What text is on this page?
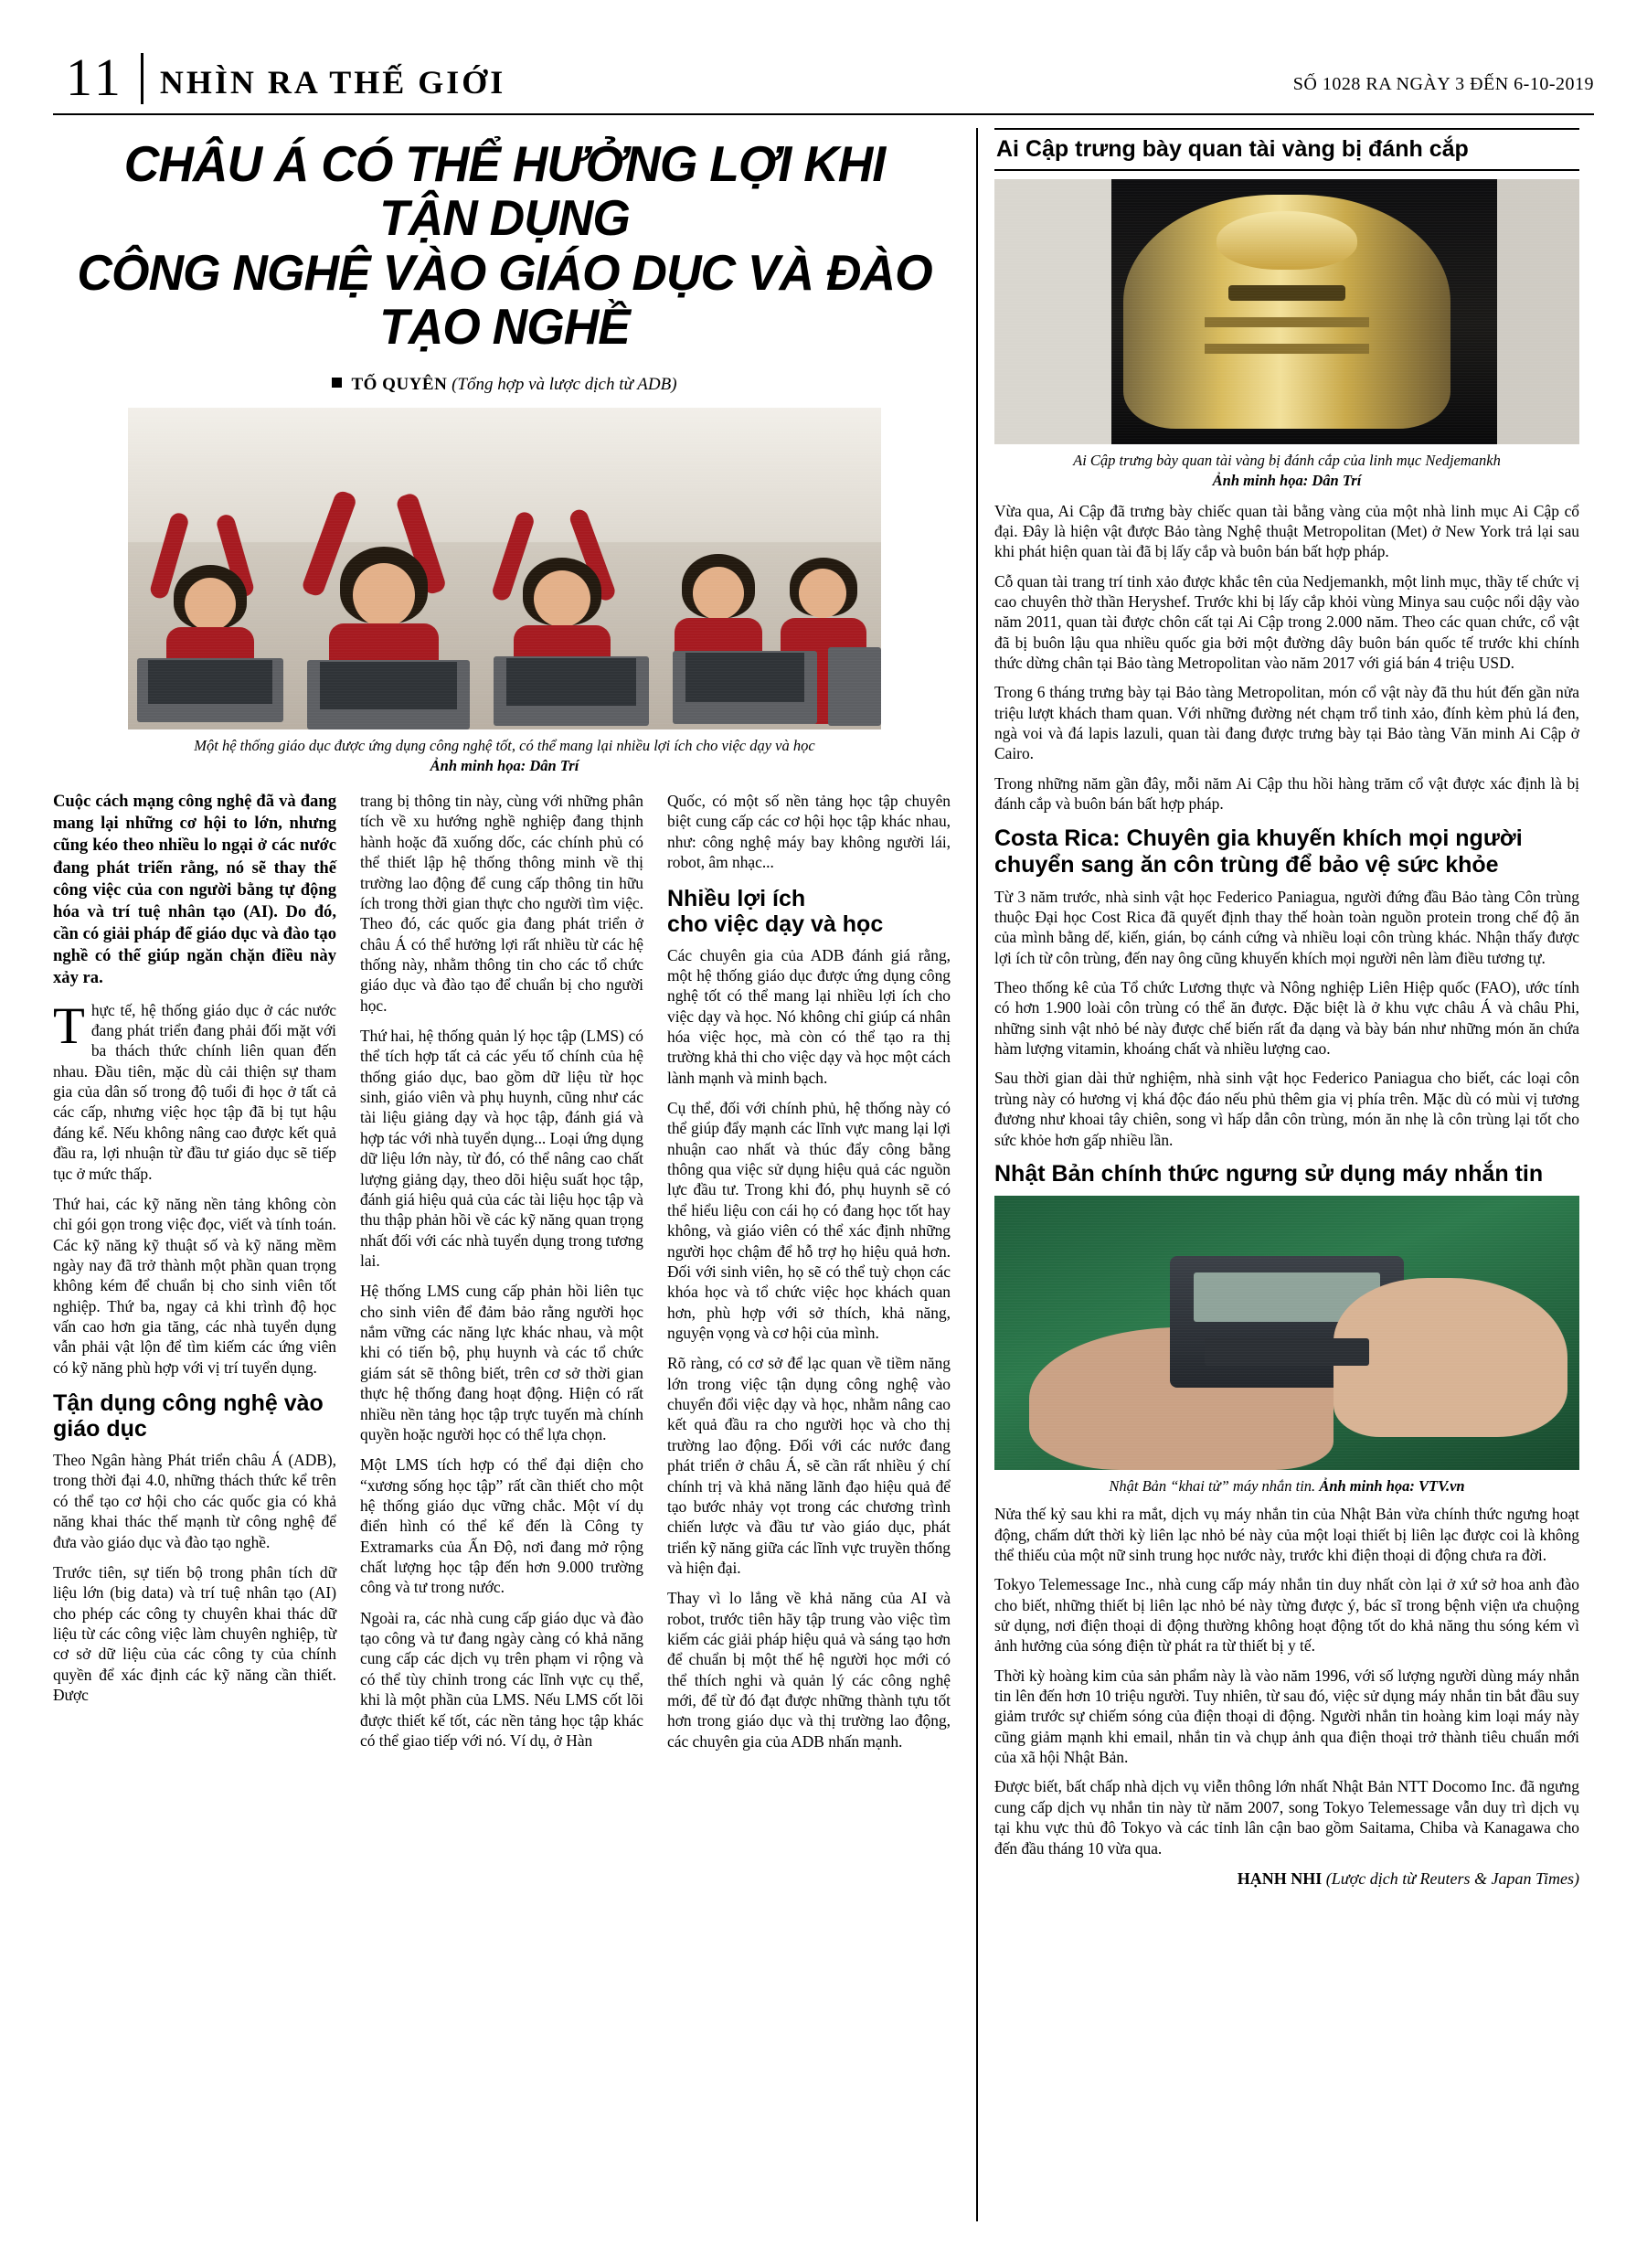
11	NHÌN RA THẾ GIỚI	SỐ 1028 RA NGÀY 3 ĐẾN 6-10-2019
CHÂU Á CÓ THỂ HƯỞNG LỢI KHI TẬN DỤNG
CÔNG NGHỆ VÀO GIÁO DỤC VÀ ĐÀO TẠO NGHỀ
TỐ QUYÊN (Tổng hợp và lược dịch từ ADB)
Một hệ thống giáo dục được ứng dụng công nghệ tốt, có thể mang lại nhiều lợi ích cho việc dạy và học
Ảnh minh họa: Dân Trí

Cuộc cách mạng công nghệ đã và đang mang lại những cơ hội to lớn, nhưng cũng kéo theo nhiều lo ngại ở các nước đang phát triển rằng, nó sẽ thay thế công việc của con người bằng tự động hóa và trí tuệ nhân tạo (AI). Do đó, cần có giải pháp để giáo dục và đào tạo nghề có thể giúp ngăn chặn điều này xảy ra.

Thực tế, hệ thống giáo dục ở các nước đang phát triển đang phải đối mặt với ba thách thức chính liên quan đến nhau. Đầu tiên, mặc dù cải thiện sự tham gia của dân số trong độ tuổi đi học ở tất cả các cấp, nhưng việc học tập đã bị tụt hậu đáng kể. Nếu không nâng cao được kết quả đầu ra, lợi nhuận từ đầu tư giáo dục sẽ tiếp tục ở mức thấp.

Thứ hai, các kỹ năng nền tảng không còn chỉ gói gọn trong việc đọc, viết và tính toán. Các kỹ năng kỹ thuật số và kỹ năng mềm ngày nay đã trở thành một phần quan trọng không kém để chuẩn bị cho sinh viên tốt nghiệp. Thứ ba, ngay cả khi trình độ học vấn cao hơn gia tăng, các nhà tuyển dụng vẫn phải vật lộn để tìm kiếm các ứng viên có kỹ năng phù hợp với vị trí tuyển dụng.

Tận dụng công nghệ vào giáo dục

Theo Ngân hàng Phát triển châu Á (ADB), trong thời đại 4.0, những thách thức kể trên có thể tạo cơ hội cho các quốc gia có khả năng khai thác thế mạnh từ công nghệ để đưa vào giáo dục và đào tạo nghề.

Trước tiên, sự tiến bộ trong phân tích dữ liệu lớn (big data) và trí tuệ nhân tạo (AI) cho phép các công ty chuyên khai thác dữ liệu từ các công việc làm chuyên nghiệp, từ cơ sở dữ liệu của các công ty của chính quyền để xác định các kỹ năng cần thiết. Được

trang bị thông tin này, cùng với những phân tích về xu hướng nghề nghiệp đang thịnh hành hoặc đã xuống dốc, các chính phủ có thể thiết lập hệ thống thông minh về thị trường lao động để cung cấp thông tin hữu ích trong thời gian thực cho người tìm việc. Theo đó, các quốc gia đang phát triển ở châu Á có thể hưởng lợi rất nhiều từ các hệ thống này, nhằm thông tin cho các tổ chức giáo dục và đào tạo để chuẩn bị cho người học.

Thứ hai, hệ thống quản lý học tập (LMS) có thể tích hợp tất cả các yếu tố chính của hệ thống giáo dục, bao gồm dữ liệu từ học sinh, giáo viên và phụ huynh, cũng như các tài liệu giảng dạy và học tập, đánh giá và hợp tác với nhà tuyển dụng... Loại ứng dụng dữ liệu lớn này, từ đó, có thể nâng cao chất lượng giảng dạy, theo dõi hiệu suất học tập, đánh giá hiệu quả của các tài liệu học tập và thu thập phản hồi về các kỹ năng quan trọng nhất đối với các nhà tuyển dụng trong tương lai.

Hệ thống LMS cung cấp phản hồi liên tục cho sinh viên để đảm bảo rằng người học nắm vững các năng lực khác nhau, và một khi có tiến bộ, phụ huynh và các tổ chức giám sát sẽ thông biết, trên cơ sở thời gian thực hệ thống đang hoạt động. Hiện có rất nhiều nền tảng học tập trực tuyến mà chính quyền hoặc người học có thể lựa chọn.

Một LMS tích hợp có thể đại diện cho “xương sống học tập” rất cần thiết cho một hệ thống giáo dục vững chắc. Một ví dụ điển hình có thể kể đến là Công ty Extramarks của Ấn Độ, nơi đang mở rộng chất lượng học tập đến hơn 9.000 trường công và tư trong nước.

Ngoài ra, các nhà cung cấp giáo dục và đào tạo công và tư đang ngày càng có khả năng cung cấp các dịch vụ trên phạm vi rộng và có thể tùy chỉnh trong các lĩnh vực cụ thể, khi là một phần của LMS. Nếu LMS cốt lõi được thiết kế tốt, các nền tảng học tập khác có thể giao tiếp với nó. Ví dụ, ở Hàn

Quốc, có một số nền tảng học tập chuyên biệt cung cấp các cơ hội học tập khác nhau, như: công nghệ máy bay không người lái, robot, âm nhạc...

Nhiều lợi ích
cho việc dạy và học

Các chuyên gia của ADB đánh giá rằng, một hệ thống giáo dục được ứng dụng công nghệ tốt có thể mang lại nhiều lợi ích cho việc dạy và học. Nó không chỉ giúp cá nhân hóa việc học, mà còn có thể tạo ra thị trường khả thi cho việc dạy và học một cách lành mạnh và minh bạch.

Cụ thể, đối với chính phủ, hệ thống này có thể giúp đẩy mạnh các lĩnh vực mang lại lợi nhuận cao nhất và thúc đẩy công bằng thông qua việc sử dụng hiệu quả các nguồn lực đầu tư. Trong khi đó, phụ huynh sẽ có thể hiểu liệu con cái họ có đang học tốt hay không, và giáo viên có thể xác định những người học chậm để hỗ trợ họ hiệu quả hơn. Đối với sinh viên, họ sẽ có thể tuỳ chọn các khóa học và tổ chức việc học khách quan hơn, phù hợp với sở thích, khả năng, nguyện vọng và cơ hội của mình.

Rõ ràng, có cơ sở để lạc quan về tiềm năng lớn trong việc tận dụng công nghệ vào chuyển đổi việc dạy và học, nhằm nâng cao kết quả đầu ra cho người học và cho thị trường lao động. Đối với các nước đang phát triển ở châu Á, sẽ cần rất nhiều ý chí chính trị và khả năng lãnh đạo hiệu quả để tạo bước nhảy vọt trong các chương trình chiến lược và đầu tư vào giáo dục, phát triển kỹ năng giữa các lĩnh vực truyền thống và hiện đại.

Thay vì lo lắng về khả năng của AI và robot, trước tiên hãy tập trung vào việc tìm kiếm các giải pháp hiệu quả và sáng tạo hơn để chuẩn bị một thế hệ người học mới có thể thích nghi và quản lý các công nghệ mới, để từ đó đạt được những thành tựu tốt hơn trong giáo dục và thị trường lao động, các chuyên gia của ADB nhấn mạnh.

Ai Cập trưng bày quan tài vàng bị đánh cắp
Ai Cập trưng bày quan tài vàng bị đánh cắp của linh mục Nedjemankh
Ảnh minh họa: Dân Trí

Vừa qua, Ai Cập đã trưng bày chiếc quan tài bằng vàng của một nhà linh mục Ai Cập cổ đại. Đây là hiện vật được Bảo tàng Nghệ thuật Metropolitan (Met) ở New York trả lại sau khi phát hiện quan tài đã bị lấy cắp và buôn bán bất hợp pháp.

Cỗ quan tài trang trí tinh xảo được khắc tên của Nedjemankh, một linh mục, thầy tế chức vị cao chuyên thờ thần Heryshef. Trước khi bị lấy cắp khỏi vùng Minya sau cuộc nổi dậy vào năm 2011, quan tài được chôn cất tại Ai Cập trong 2.000 năm. Theo các quan chức, cổ vật đã bị buôn lậu qua nhiều quốc gia bởi một đường dây buôn bán quốc tế trước khi chính thức dừng chân tại Bảo tàng Metropolitan vào năm 2017 với giá bán 4 triệu USD.

Trong 6 tháng trưng bày tại Bảo tàng Metropolitan, món cổ vật này đã thu hút đến gần nửa triệu lượt khách tham quan. Với những đường nét chạm trổ tinh xảo, đính kèm phủ lá đen, ngà voi và đá lapis lazuli, quan tài đang được trưng bày tại Bảo tàng Văn minh Ai Cập ở Cairo.

Trong những năm gần đây, mỗi năm Ai Cập thu hồi hàng trăm cổ vật được xác định là bị đánh cắp và buôn bán bất hợp pháp.

Costa Rica: Chuyên gia khuyến khích mọi người chuyển sang ăn côn trùng để bảo vệ sức khỏe

Từ 3 năm trước, nhà sinh vật học Federico Paniagua, người đứng đầu Bảo tàng Côn trùng thuộc Đại học Cost Rica đã quyết định thay thế hoàn toàn nguồn protein trong chế độ ăn của mình bằng dế, kiến, gián, bọ cánh cứng và nhiều loại côn trùng khác. Nhận thấy được lợi ích từ côn trùng, đến nay ông cũng khuyến khích mọi người nên làm điều tương tự.

Theo thống kê của Tổ chức Lương thực và Nông nghiệp Liên Hiệp quốc (FAO), ước tính có hơn 1.900 loài côn trùng có thể ăn được. Đặc biệt là ở khu vực châu Á và châu Phi, những sinh vật nhỏ bé này được chế biến rất đa dạng và bày bán như những món ăn chứa hàm lượng vitamin, khoáng chất và nhiều lượng cao.

Sau thời gian dài thử nghiệm, nhà sinh vật học Federico Paniagua cho biết, các loại côn trùng này có hương vị khá độc đáo nếu phủ thêm gia vị phía trên. Mặc dù có mùi vị tương đương như khoai tây chiên, song vì hấp dẫn côn trùng, món ăn nhẹ là côn trùng lại tốt cho sức khỏe hơn gấp nhiều lần.

Nhật Bản chính thức ngưng sử dụng máy nhắn tin
Nhật Bản “khai tử” máy nhắn tin. Ảnh minh họa: VTV.vn

Nửa thế kỷ sau khi ra mắt, dịch vụ máy nhắn tin của Nhật Bản vừa chính thức ngưng hoạt động, chấm dứt thời kỳ liên lạc nhỏ bé này của một loại thiết bị liên lạc được coi là không thể thiếu của một nữ sinh trung học nước này, trước khi điện thoại di động chưa ra đời.

Tokyo Telemessage Inc., nhà cung cấp máy nhắn tin duy nhất còn lại ở xứ sở hoa anh đào cho biết, những thiết bị liên lạc nhỏ bé này từng được ý, bác sĩ trong bệnh viện ưa chuộng sử dụng, nơi điện thoại di động thường không hoạt động tốt do khả năng thu sóng kém vì ảnh hưởng của sóng điện từ phát ra từ thiết bị y tế.

Thời kỳ hoàng kim của sản phẩm này là vào năm 1996, với số lượng người dùng máy nhắn tin lên đến hơn 10 triệu người. Tuy nhiên, từ sau đó, việc sử dụng máy nhắn tin bắt đầu suy giảm trước sự chiếm sóng của điện thoại di động. Người nhắn tin hoàng kim loại máy này cũng giảm mạnh khi email, nhắn tin và chụp ảnh qua điện thoại trở thành tiêu chuẩn mới của xã hội Nhật Bản.

Được biết, bất chấp nhà dịch vụ viễn thông lớn nhất Nhật Bản NTT Docomo Inc. đã ngưng cung cấp dịch vụ nhắn tin này từ năm 2007, song Tokyo Telemessage vẫn duy trì dịch vụ tại khu vực thủ đô Tokyo và các tỉnh lân cận bao gồm Saitama, Chiba và Kanagawa cho đến đầu tháng 10 vừa qua.

HẠNH NHI (Lược dịch từ Reuters & Japan Times)
